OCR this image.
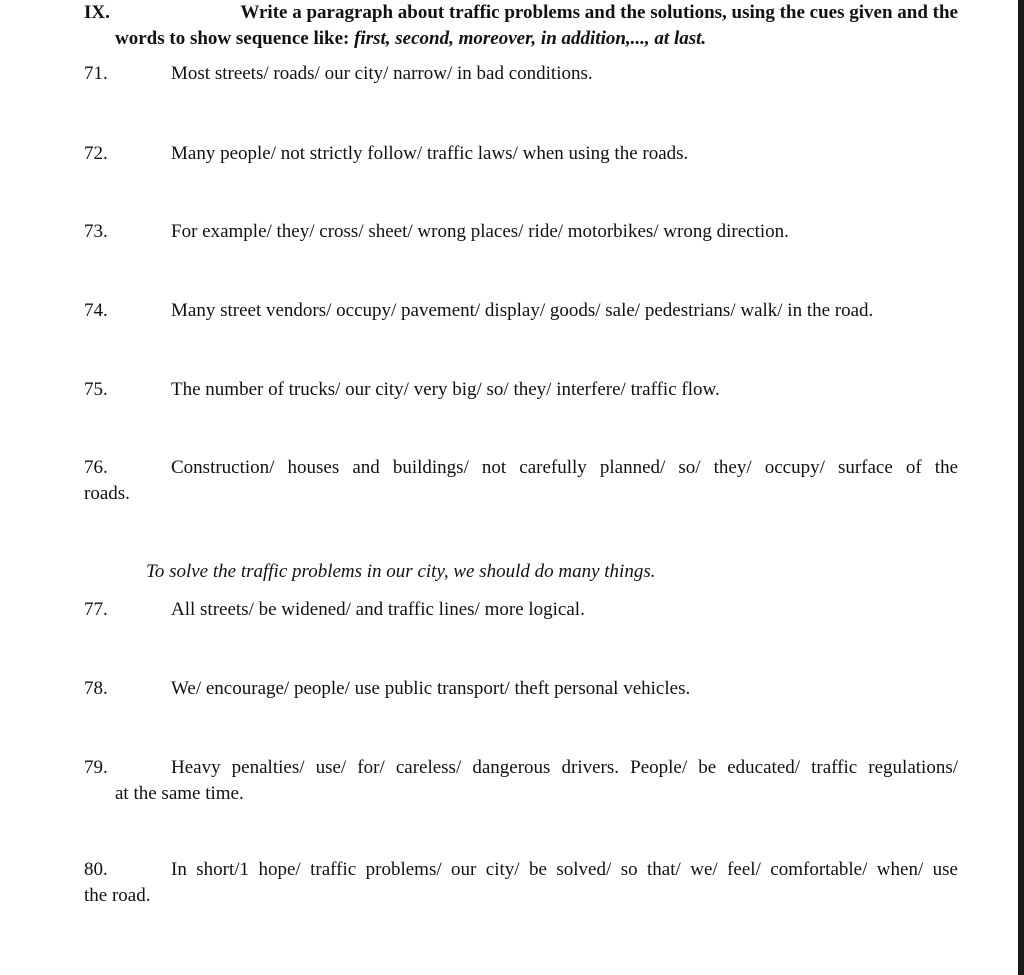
IX.	Write a paragraph about traffic problems and the solutions, using the cues given and the
words to show sequence like: first, second, moreover, in addition,..., at last.
71.	Most streets/ roads/ our city/ narrow/ in bad conditions.
72.	Many people/ not strictly follow/ traffic laws/ when using the roads.
73.	For example/ they/ cross/ sheet/ wrong places/ ride/ motorbikes/ wrong direction.
74.	Many street vendors/ occupy/ pavement/ display/ goods/ sale/ pedestrians/ walk/ in the road.
75.	The number of trucks/ our city/ very big/ so/ they/ interfere/ traffic flow.
76.	Construction/ houses and buildings/ not carefully planned/ so/ they/ occupy/ surface of the
roads.
To solve the traffic problems in our city, we should do many things.
77.	All streets/ be widened/ and traffic lines/ more logical.
78.	We/ encourage/ people/ use public transport/ theft personal vehicles.
79.	Heavy penalties/ use/ for/ careless/ dangerous drivers. People/ be educated/ traffic regulations/
at the same time.
80.	In short/1 hope/ traffic problems/ our city/ be solved/ so that/ we/ feel/ comfortable/ when/ use
the road.
